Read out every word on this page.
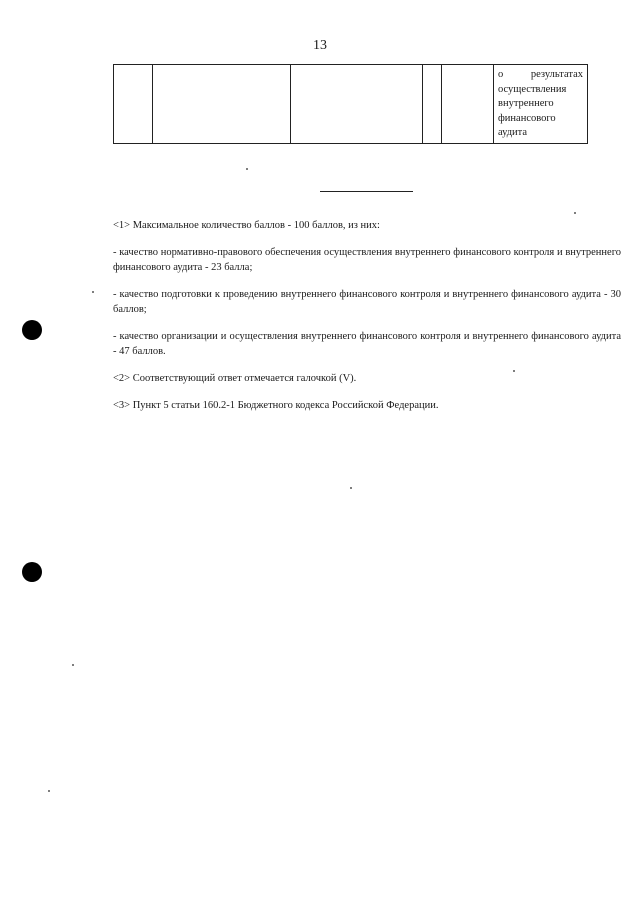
13
					о результатах осуществления внутреннего финансового аудита

<1> Максимальное количество баллов - 100 баллов, из них:

- качество нормативно-правового обеспечения осуществления внутреннего финансового контроля и внутреннего финансового аудита - 23 балла;

- качество подготовки к проведению внутреннего финансового контроля и внутреннего финансового аудита - 30 баллов;

- качество организации и осуществления внутреннего финансового контроля и внутреннего финансового аудита - 47 баллов.

<2> Соответствующий ответ отмечается галочкой (V).

<3> Пункт 5 статьи 160.2-1 Бюджетного кодекса Российской Федерации.
